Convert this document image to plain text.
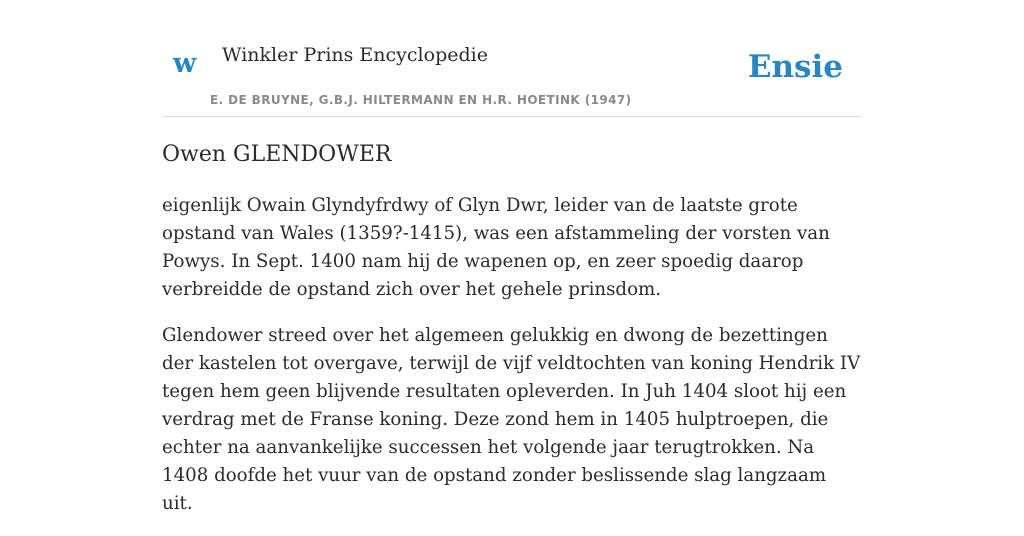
w Winkler Prins Encyclopedie
E. DE BRUYNE, G.B.J. HILTERMANN EN H.R. HOETINK (1947)
Ensie
Owen GLENDOWER

eigenlijk Owain Glyndyfrdwy of Glyn Dwr, leider van de laatste grote opstand van Wales (1359?-1415), was een afstammeling der vorsten van Powys. In Sept. 1400 nam hij de wapenen op, en zeer spoedig daarop verbreidde de opstand zich over het gehele prinsdom.

Glendower streed over het algemeen gelukkig en dwong de bezettingen der kastelen tot overgave, terwijl de vijf veldtochten van koning Hendrik IV tegen hem geen blijvende resultaten opleverden. In Juh 1404 sloot hij een verdrag met de Franse koning. Deze zond hem in 1405 hulptroepen, die echter na aanvankelijke successen het volgende jaar terugtrokken. Na 1408 doofde het vuur van de opstand zonder beslissende slag langzaam uit.
